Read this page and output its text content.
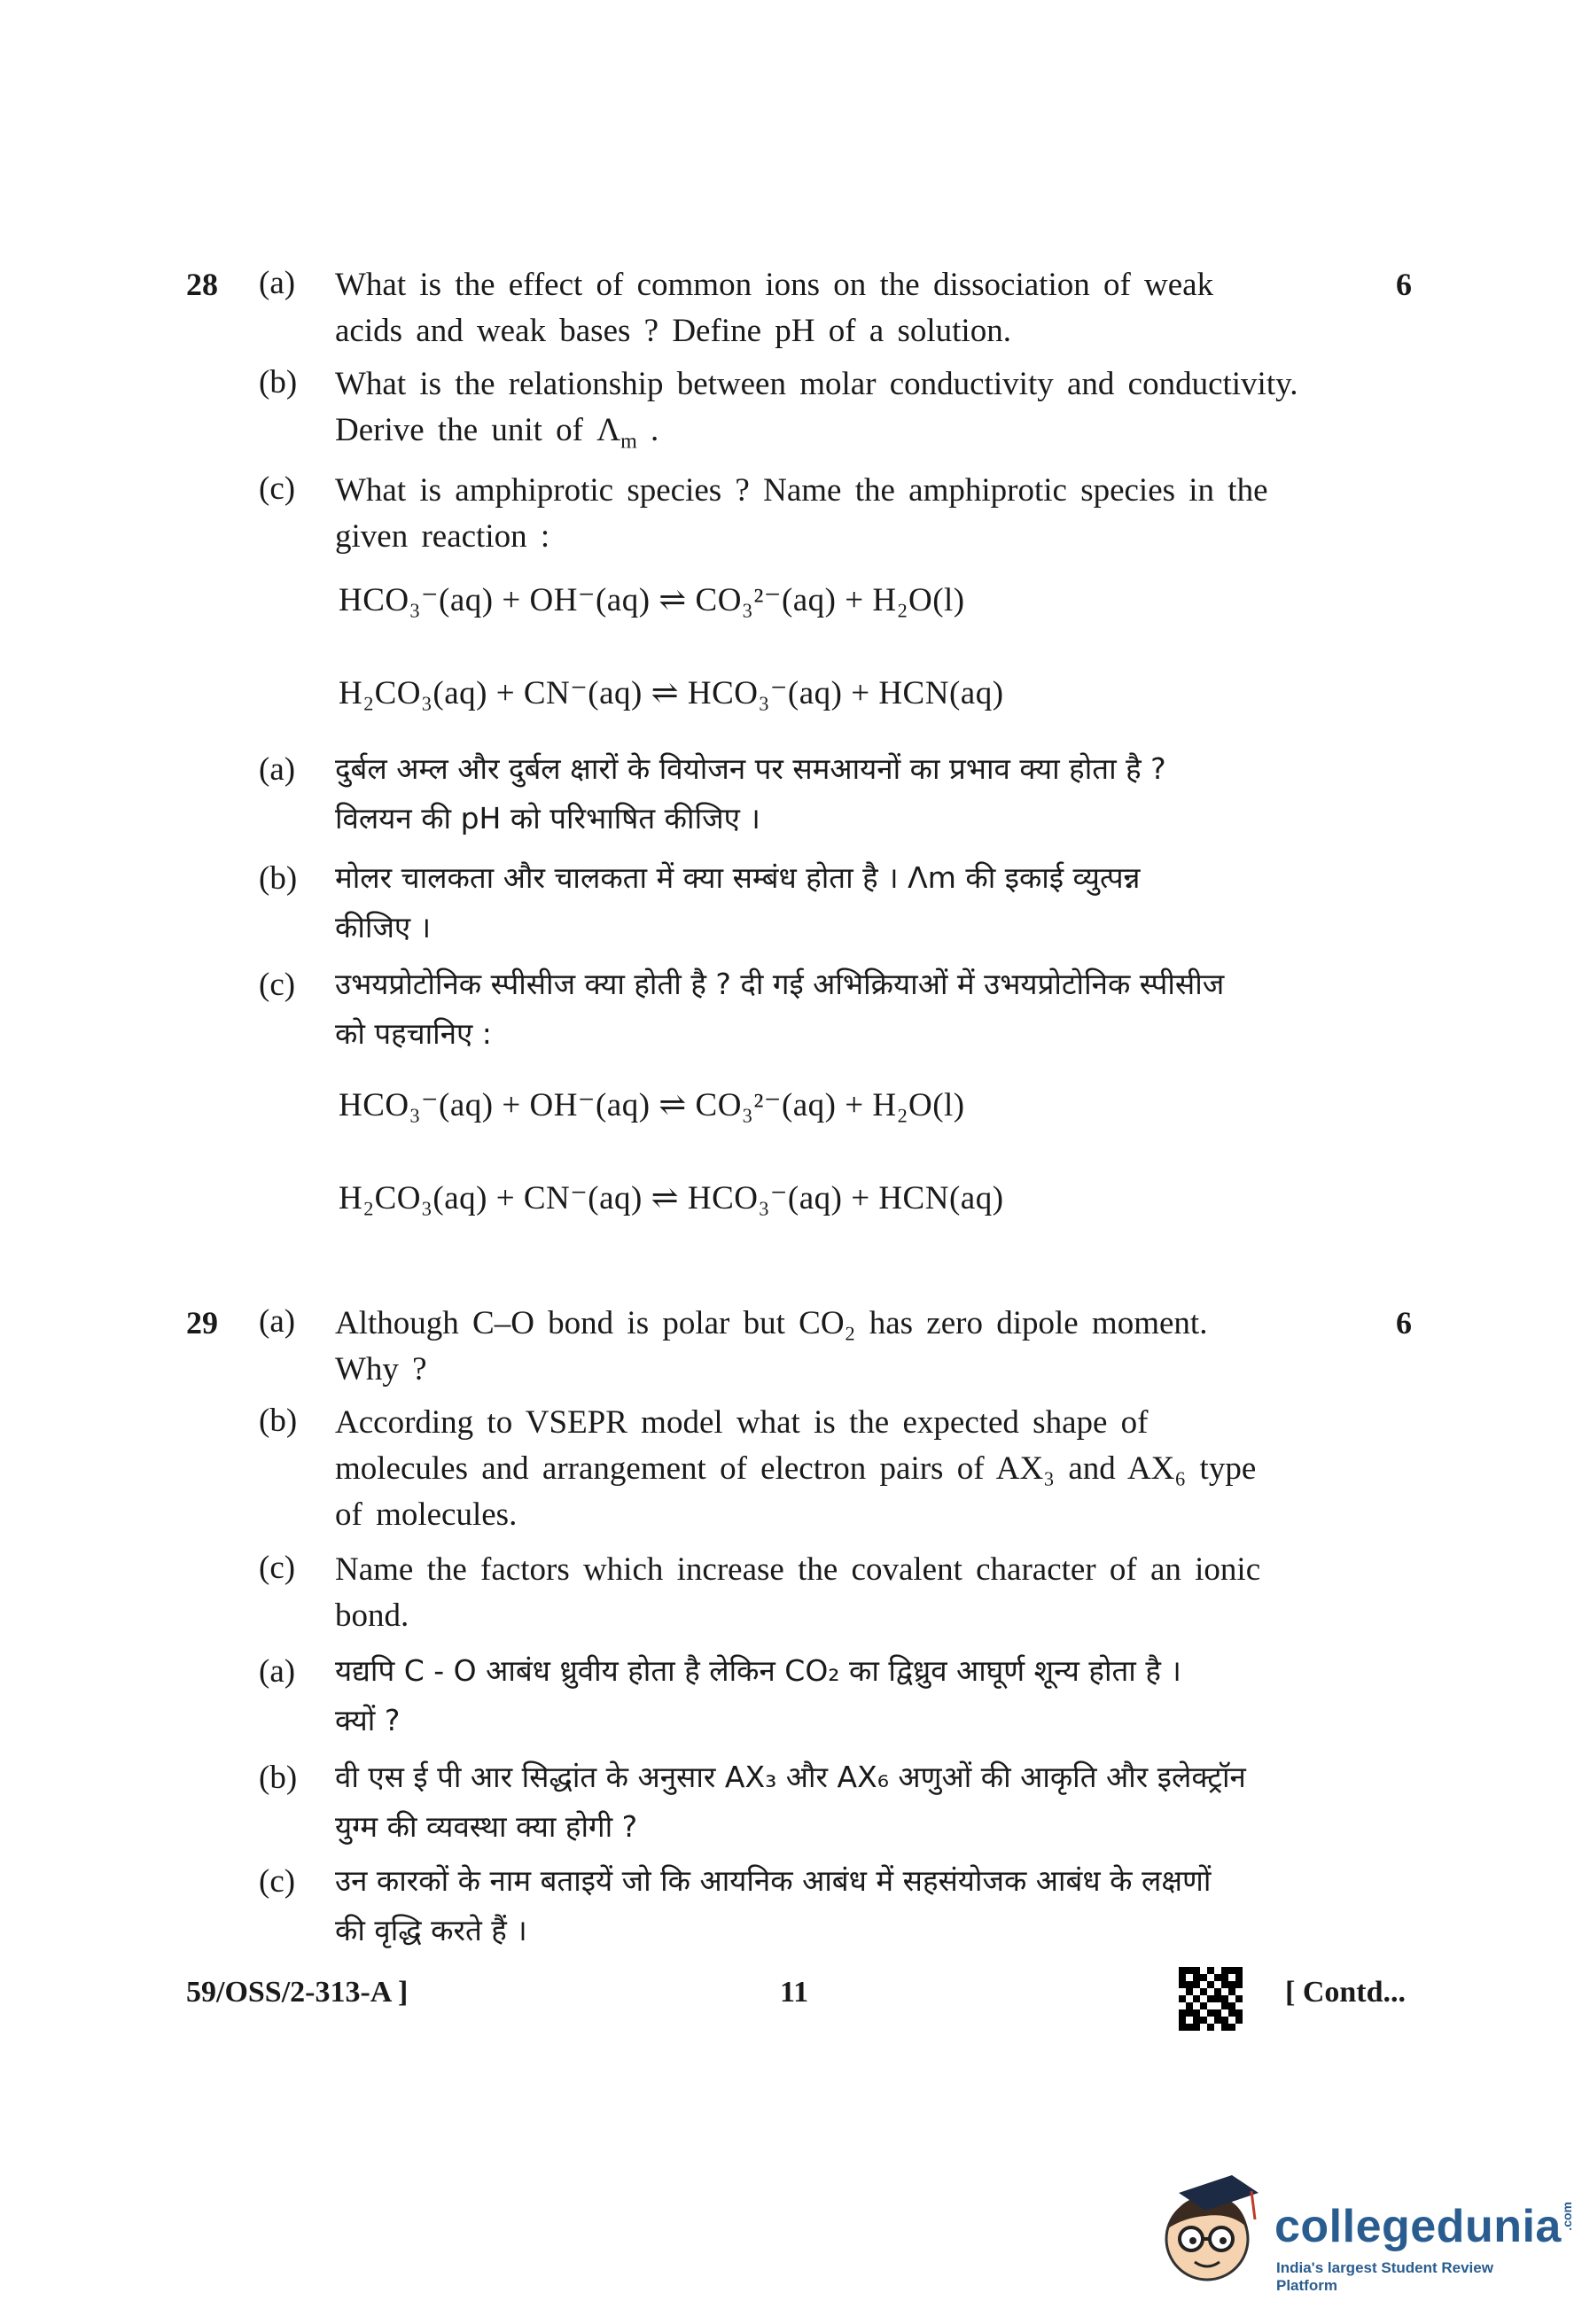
28	6
(a) What is the effect of common ions on the dissociation of weak
acids and weak bases ? Define pH of a solution.
(b) What is the relationship between molar conductivity and conductivity.
Derive the unit of $\Lambda_m$ .
(c) What is amphiprotic species ? Name the amphiprotic species in the
given reaction :
HCO₃⁻(aq) + OH⁻(aq) ⇌ CO₃²⁻(aq) + H₂O(l)
H₂CO₃(aq) + CN⁻(aq) ⇌ HCO₃⁻(aq) + HCN(aq)
(a) दुर्बल अम्ल और दुर्बल क्षारों के वियोजन पर समआयनों का प्रभाव क्या होता है ?
विलयन की pH को परिभाषित कीजिए ।
(b) मोलर चालकता और चालकता में क्या सम्बंध होता है । Λm की इकाई व्युत्पन्न
कीजिए ।
(c) उभयप्रोटोनिक स्पीसीज क्या होती है ? दी गई अभिक्रियाओं में उभयप्रोटोनिक स्पीसीज
को पहचानिए :
HCO₃⁻(aq) + OH⁻(aq) ⇌ CO₃²⁻(aq) + H₂O(l)
H₂CO₃(aq) + CN⁻(aq) ⇌ HCO₃⁻(aq) + HCN(aq)
29	6
(a) Although C–O bond is polar but CO₂ has zero dipole moment.
Why ?
(b) According to VSEPR model what is the expected shape of
molecules and arrangement of electron pairs of AX₃ and AX₆ type
of molecules.
(c) Name the factors which increase the covalent character of an ionic
bond.
(a) यद्यपि C - O आबंध ध्रुवीय होता है लेकिन CO₂ का द्विध्रुव आघूर्ण शून्य होता है ।
क्यों ?
(b) वी एस ई पी आर सिद्धांत के अनुसार AX₃ और AX₆ अणुओं की आकृति और इलेक्ट्रॉन
युग्म की व्यवस्था क्या होगी ?
(c) उन कारकों के नाम बताइयें जो कि आयनिक आबंध में सहसंयोजक आबंध के लक्षणों
की वृद्धि करते हैं ।
59/OSS/2-313-A ]	11	[ Contd...
collegedunia
.com
India's largest Student Review Platform
